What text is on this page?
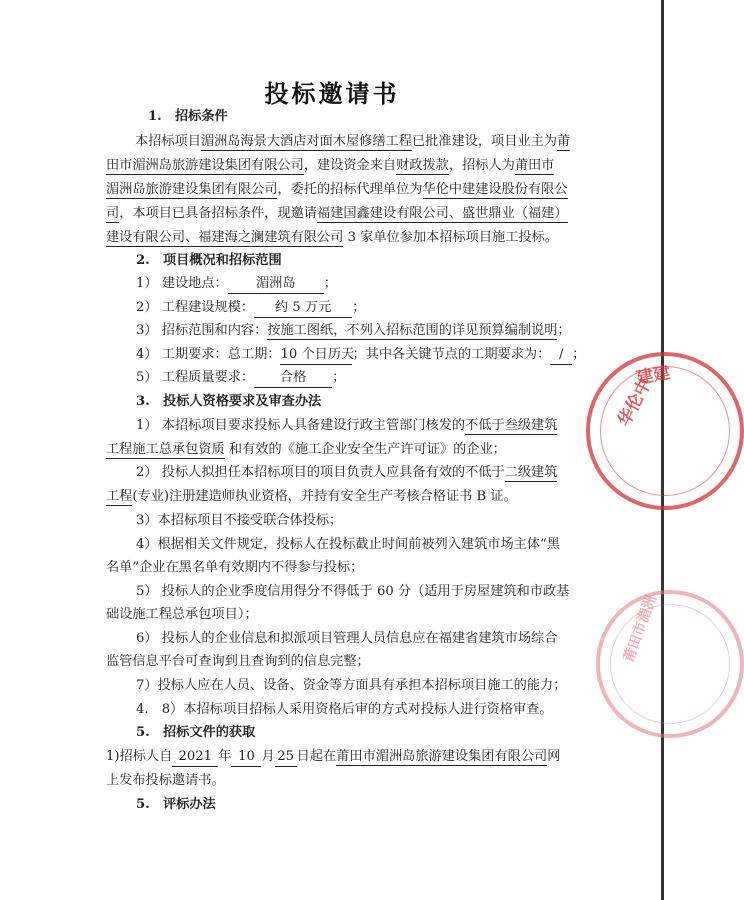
投标邀请书
1.　招标条件
本招标项目湄洲岛海景大酒店对面木屋修缮工程已批准建设，项目业主为莆
田市湄洲岛旅游建设集团有限公司，建设资金来自财政拨款，招标人为莆田市
湄洲岛旅游建设集团有限公司，委托的招标代理单位为华伦中建建设股份有限公
司，本项目已具备招标条件，现邀请福建国鑫建设有限公司、盛世鼎业（福建）
建设有限公司、福建海之澜建筑有限公司 3 家单位参加本招标项目施工投标。
2.　项目概况和招标范围
1） 建设地点： 湄洲岛 ；
2） 工程建设规模： 约 5 万元 ；
3） 招标范围和内容：按施工图纸，不列入招标范围的详见预算编制说明；
4） 工期要求：总工期：10 个日历天；其中各关键节点的工期要求为： / ；
5） 工程质量要求： 合格 ；
3.　投标人资格要求及审查办法
1） 本招标项目要求投标人具备建设行政主管部门核发的不低于叁级建筑
工程施工总承包资质 和有效的《施工企业安全生产许可证》的企业；
2） 投标人拟担任本招标项目的项目负责人应具备有效的不低于二级建筑
工程(专业)注册建造师执业资格，并持有安全生产考核合格证书 B 证。
3）本招标项目不接受联合体投标；
4）根据相关文件规定，投标人在投标截止时间前被列入建筑市场主体“黑
名单”企业在黑名单有效期内不得参与投标；
5） 投标人的企业季度信用得分不得低于 60 分（适用于房屋建筑和市政基
础设施工程总承包项目）；
6） 投标人的企业信息和拟派项目管理人员信息应在福建省建筑市场综合
监管信息平台可查询到且查询到的信息完整；
7）投标人应在人员、设备、资金等方面具有承担本招标项目施工的能力；
4.　8）本招标项目招标人采用资格后审的方式对投标人进行资格审查。
5.　招标文件的获取
1)招标人自 2021 年 10 月 25 日起在莆田市湄洲岛旅游建设集团有限公司网
上发布投标邀请书。
5.　评标办法
华伦中
建建
莆田市湄洲
